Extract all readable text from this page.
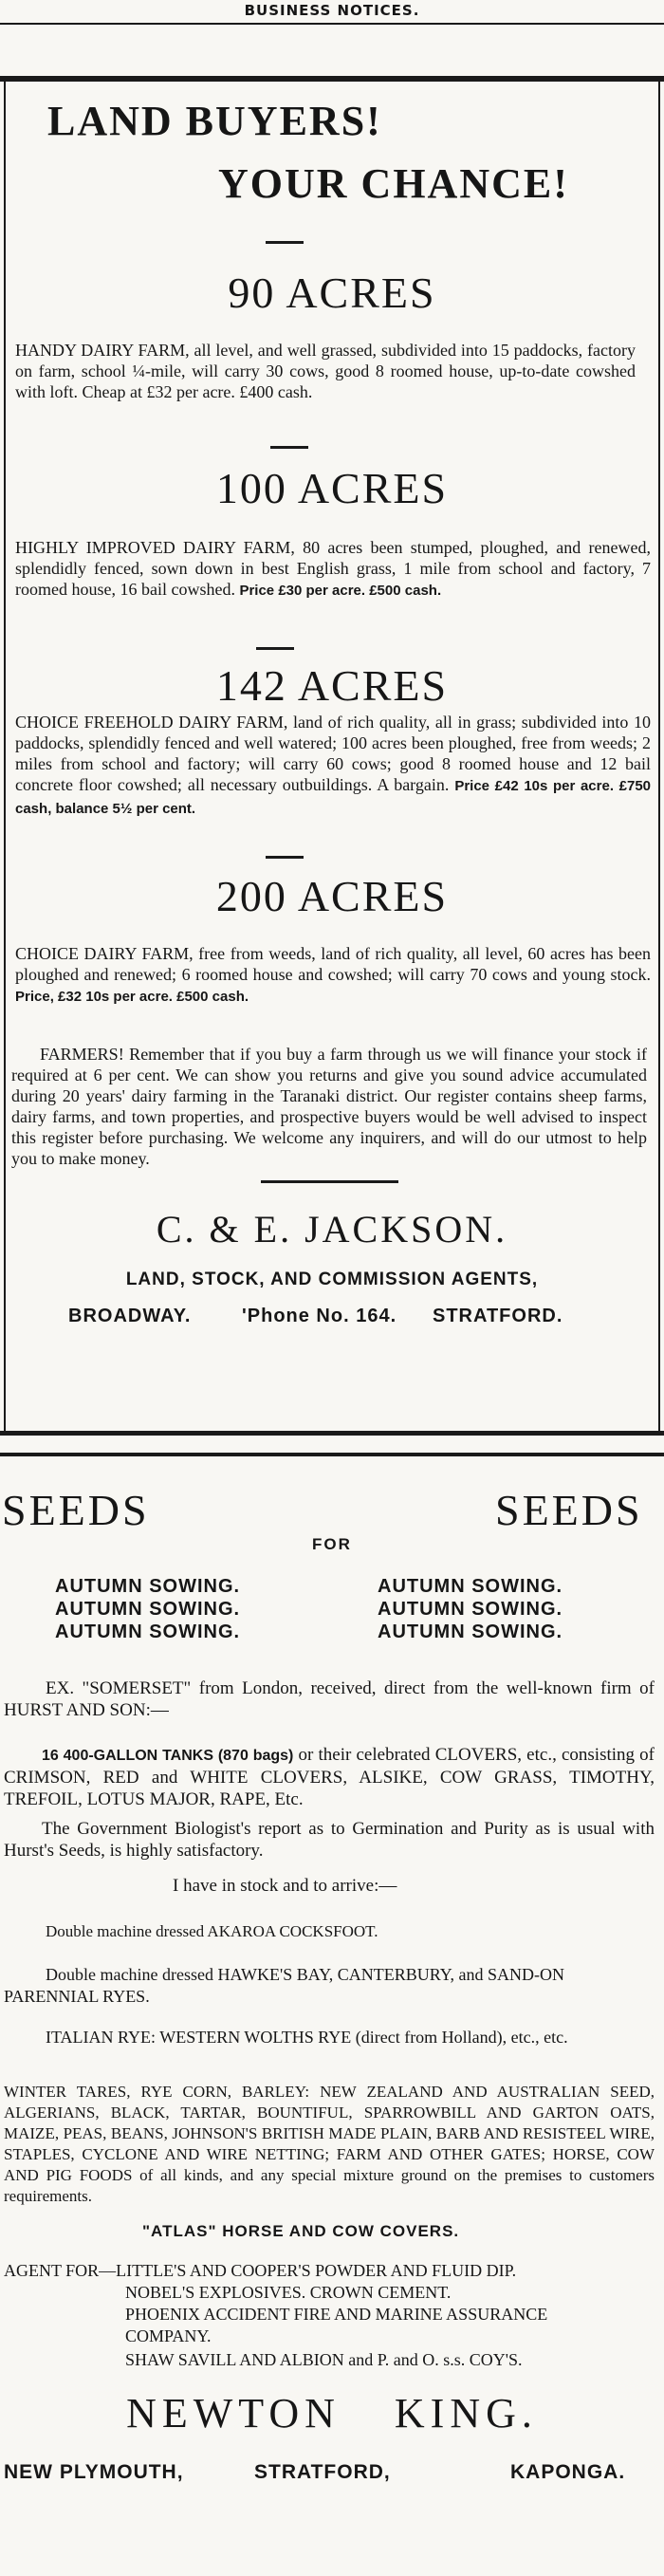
BUSINESS NOTICES.
LAND BUYERS!
YOUR CHANCE!
90 ACRES
HANDY DAIRY FARM, all level, and well grassed, subdivided into 15 paddocks, factory on farm, school ¼-mile, will carry 30 cows, good 8 roomed house, up-to-date cowshed with loft. Cheap at £32 per acre. £400 cash.
100 ACRES
HIGHLY IMPROVED DAIRY FARM, 80 acres been stumped, ploughed, and renewed, splendidly fenced, sown down in best English grass, 1 mile from school and factory, 7 roomed house, 16 bail cowshed. Price £30 per acre. £500 cash.
142 ACRES
CHOICE FREEHOLD DAIRY FARM, land of rich quality, all in grass; subdivided into 10 paddocks, splendidly fenced and well watered; 100 acres been ploughed, free from weeds; 2 miles from school and factory; will carry 60 cows; good 8 roomed house and 12 bail concrete floor cowshed; all necessary outbuildings. A bargain. Price £42 10s per acre. £750 cash, balance 5½ per cent.
200 ACRES
CHOICE DAIRY FARM, free from weeds, land of rich quality, all level, 60 acres has been ploughed and renewed; 6 roomed house and cowshed; will carry 70 cows and young stock. Price, £32 10s per acre. £500 cash.
FARMERS! Remember that if you buy a farm through us we will finance your stock if required at 6 per cent. We can show you returns and give you sound advice accumulated during 20 years' dairy farming in the Taranaki district. Our register contains sheep farms, dairy farms, and town properties, and prospective buyers would be well advised to inspect this register before purchasing. We welcome any inquirers, and will do our utmost to help you to make money.
C. & E. JACKSON.
LAND, STOCK, AND COMMISSION AGENTS,
BROADWAY.	'Phone No. 164. STRATFORD.
SEEDS	SEEDS
FOR
AUTUMN SOWING.
AUTUMN SOWING.
AUTUMN SOWING.
AUTUMN SOWING.
AUTUMN SOWING.
AUTUMN SOWING.
EX. "SOMERSET" from London, received, direct from the well-known firm of HURST AND SON:—
16 400-GALLON TANKS (870 bags) or their celebrated CLOVERS, etc., consisting of CRIMSON, RED and WHITE CLOVERS, ALSIKE, COW GRASS, TIMOTHY, TREFOIL, LOTUS MAJOR, RAPE, Etc.
The Government Biologist's report as to Germination and Purity as is usual with Hurst's Seeds, is highly satisfactory.
I have in stock and to arrive:—
Double machine dressed AKAROA COCKSFOOT.
Double machine dressed HAWKE'S BAY, CANTERBURY, and SAND-ON PARENNIAL RYES.
ITALIAN RYE: WESTERN WOLTHS RYE (direct from Holland), etc., etc.
WINTER TARES, RYE CORN, BARLEY: NEW ZEALAND AND AUSTRALIAN SEED, ALGERIANS, BLACK, TARTAR, BOUNTIFUL, SPARROWBILL AND GARTON OATS, MAIZE, PEAS, BEANS, JOHNSON'S BRITISH MADE PLAIN, BARB AND RESISTEEL WIRE, STAPLES, CYCLONE AND WIRE NETTING; FARM AND OTHER GATES; HORSE, COW AND PIG FOODS of all kinds, and any special mixture ground on the premises to customers requirements.
"ATLAS" HORSE AND COW COVERS.
AGENT FOR—LITTLE'S AND COOPER'S POWDER AND FLUID DIP.
NOBEL'S EXPLOSIVES. CROWN CEMENT.
PHOENIX ACCIDENT FIRE AND MARINE ASSURANCE
COMPANY.
SHAW SAVILL AND ALBION and P. and O. s.s. COY'S.
NEWTON KING.
NEW PLYMOUTH,	STRATFORD,	KAPONGA.
